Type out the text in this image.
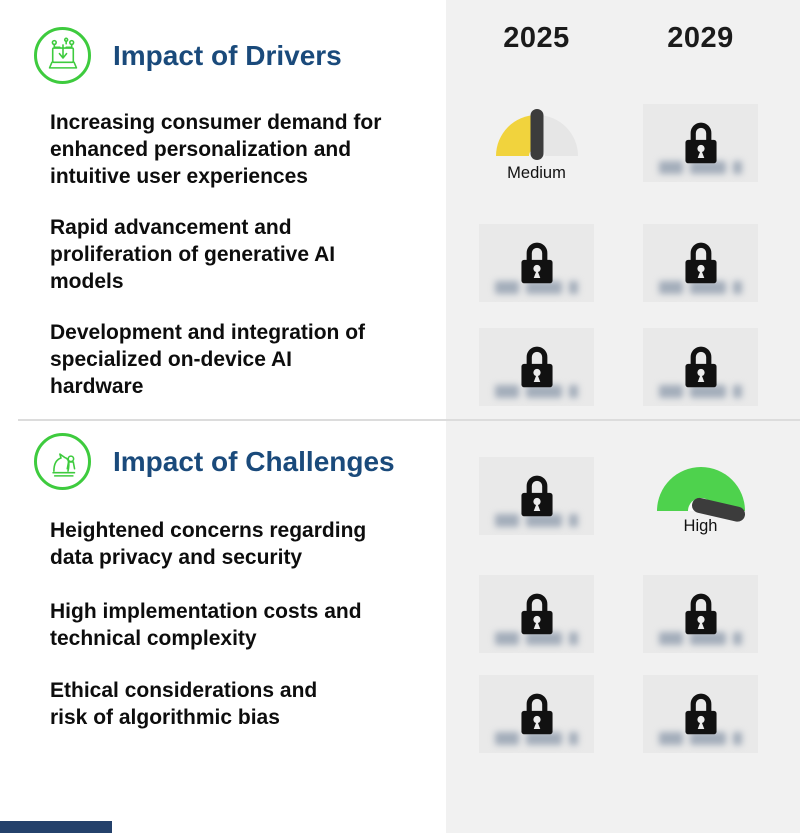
2025	2029
Impact of Drivers
Increasing consumer demand for
enhanced personalization and
intuitive user experiences
Rapid advancement and
proliferation of generative AI
models
Development and integration of
specialized on-device AI
hardware
Impact of Challenges
Heightened concerns regarding
data privacy and security
High implementation costs and
technical complexity
Ethical considerations and
risk of algorithmic bias
Medium
High
